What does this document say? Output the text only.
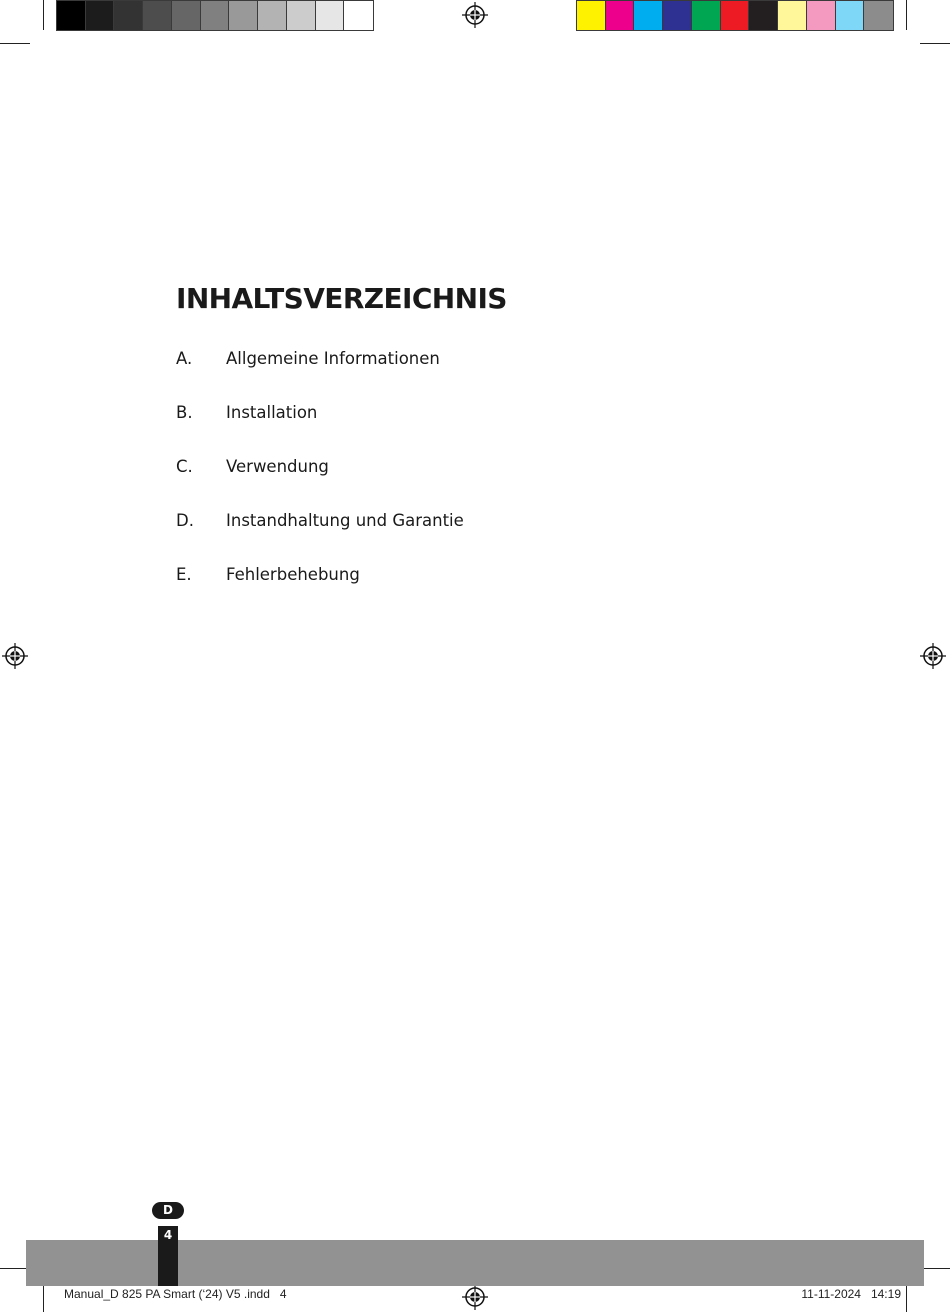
INHALTSVERZEICHNIS
A.	Allgemeine Informationen
B.	Installation
C.	Verwendung
D.	Instandhaltung und Garantie
E.	Fehlerbehebung
4
D
Manual_D 825 PA Smart (‘24) V5 .indd   4	11-11-2024   14:19
